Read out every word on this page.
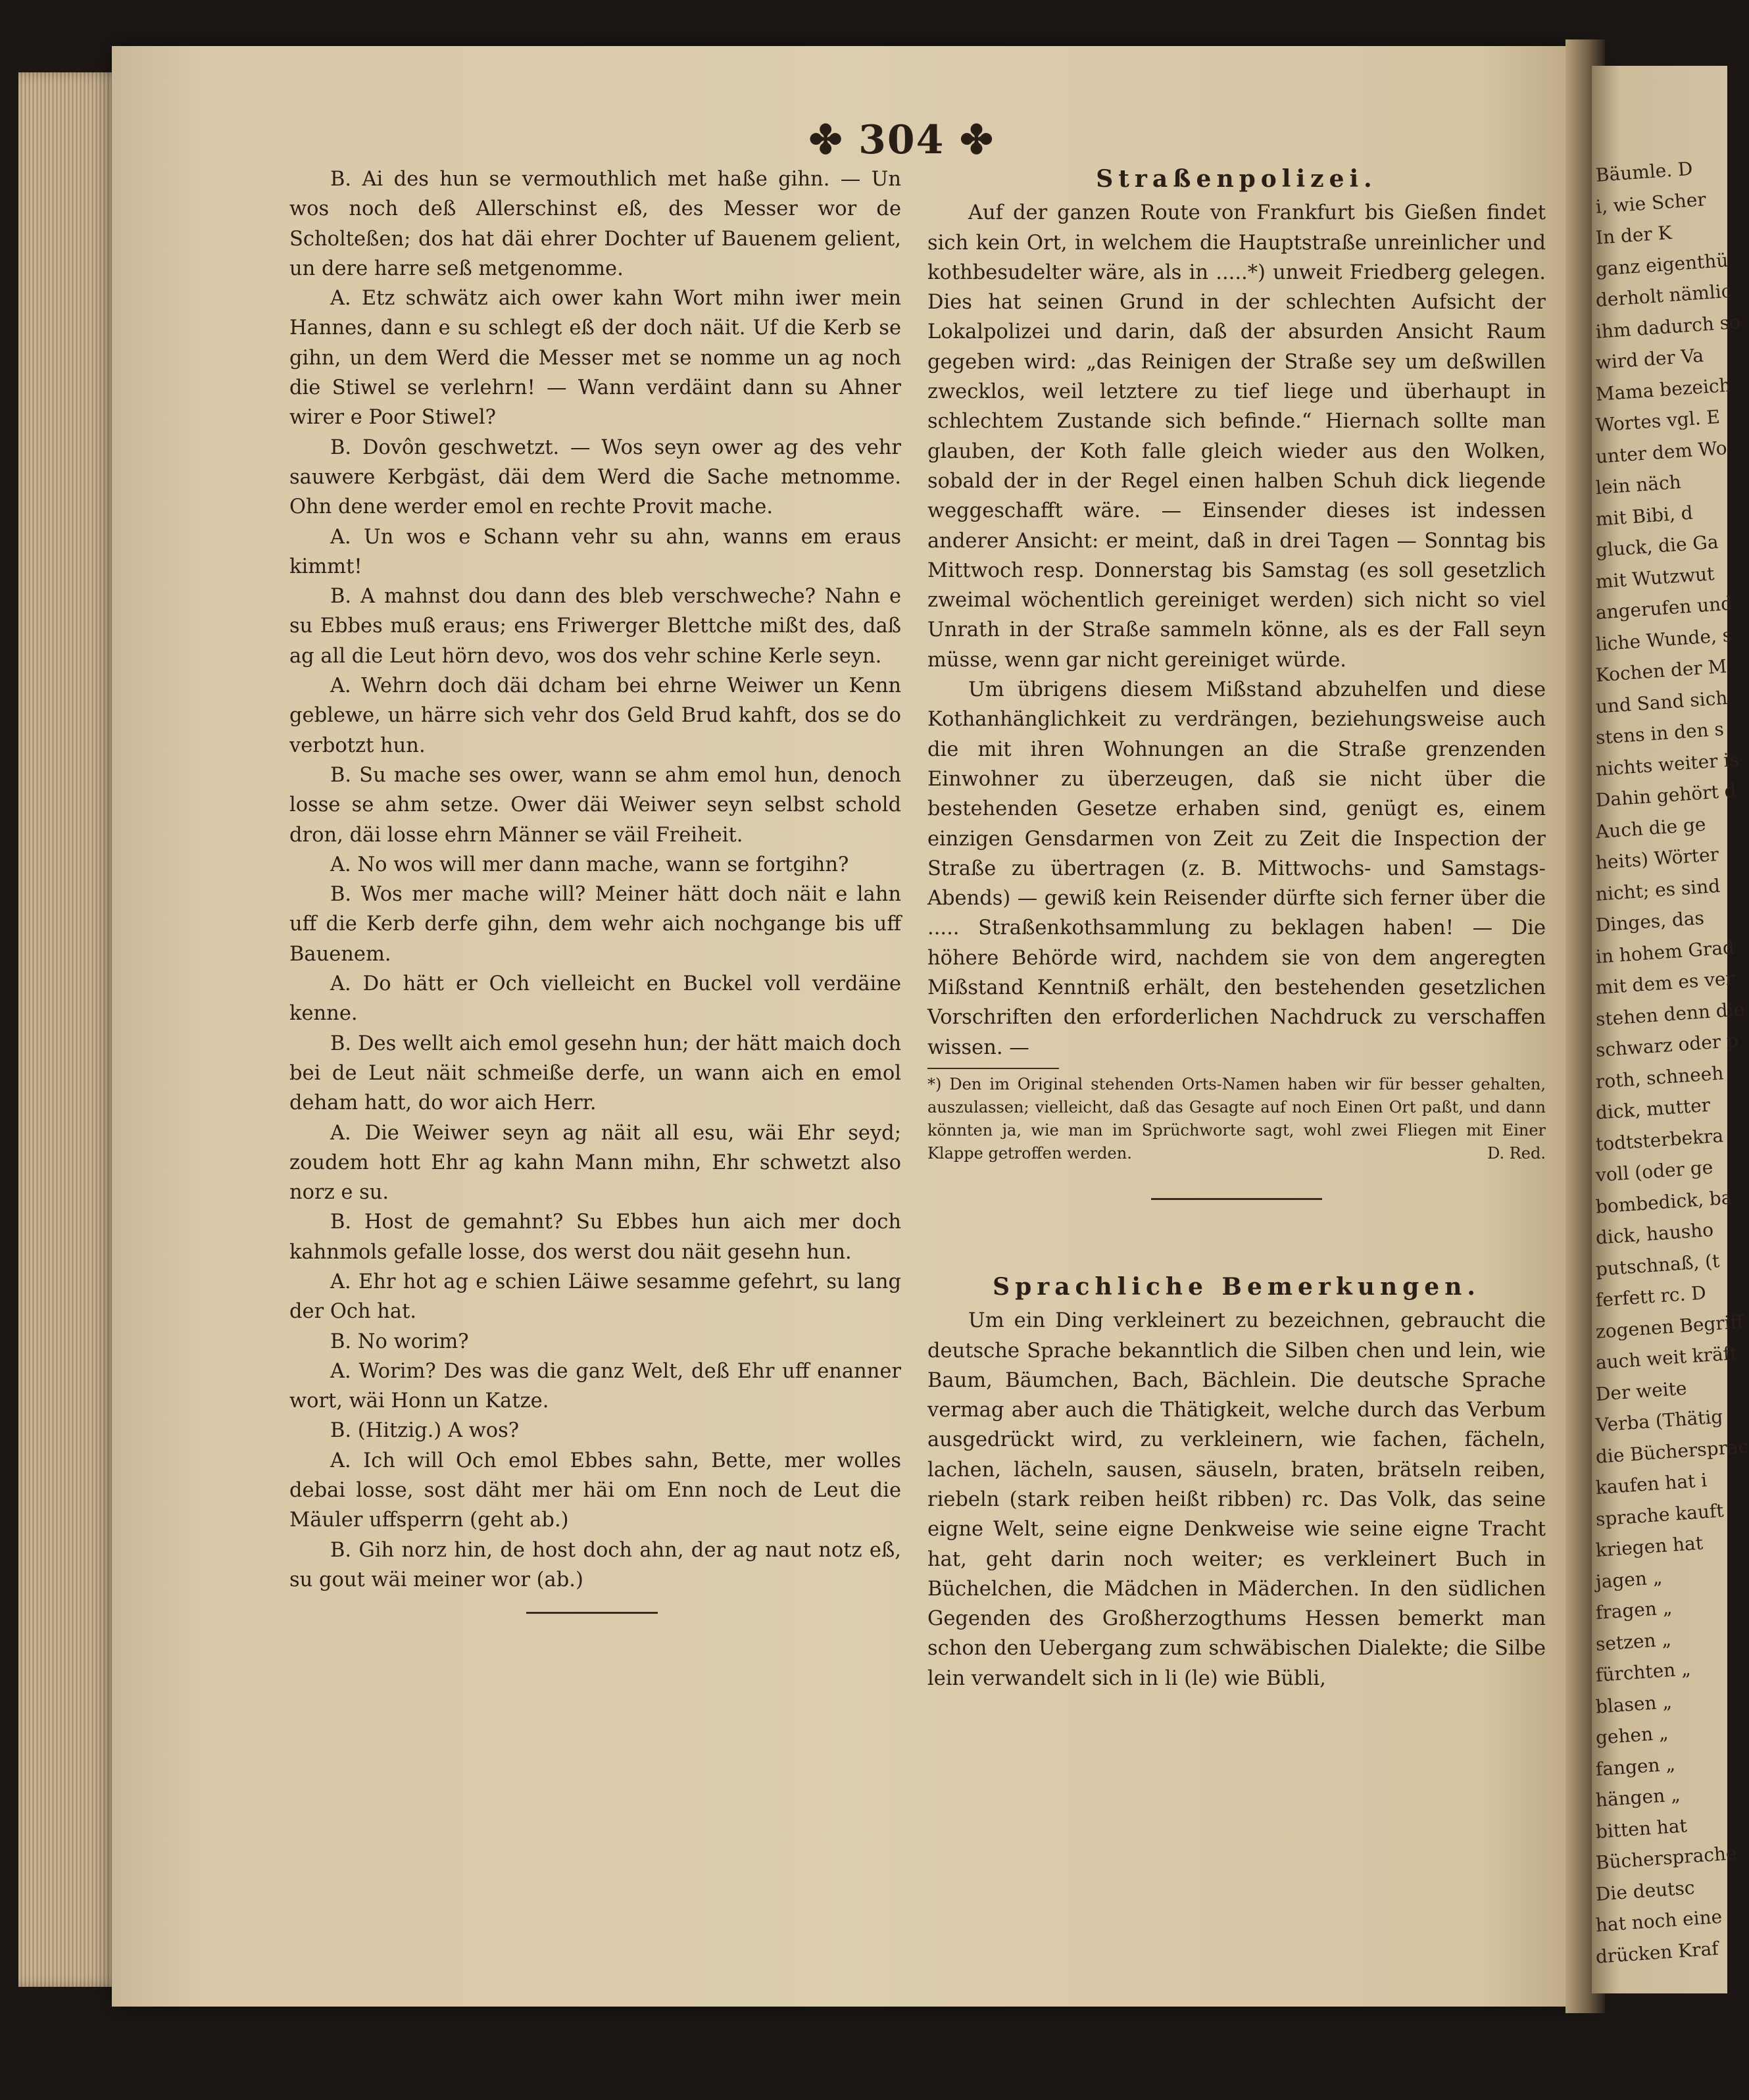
Bäumle. D
i, wie Scher
In der K
ganz eigenthü
derholt nämlic
ihm dadurch so
wird der Va
Mama bezeich
Wortes vgl. E
unter dem Wo
lein näch
mit Bibi, d
gluck, die Ga
mit Wutzwut
angerufen und
liche Wunde, s
Kochen der M
und Sand sich
stens in den s
nichts weiter is
Dahin gehört d
Auch die ge
heits) Wörter
nicht; es sind
Dinges, das
in hohem Grad
mit dem es ver
stehen denn die
schwarz oder p
roth, schneeh
dick, mutter
todtsterbekra
voll (oder ge
bombedick, ba
dick, hausho
putschnaß, (t
ferfett rc. D
zogenen Begriff
auch weit kräft
Der weite
Verba (Thätig
die Büchersprac
kaufen hat i
sprache kauft
kriegen hat
jagen „
fragen „
setzen „
fürchten „
blasen „
gehen „
fangen „
hängen „
bitten hat
Büchersprache
Die deutsc
hat noch eine
drücken Kraf
✤ 304 ✤

B. Ai des hun se vermouthlich met haße gihn. — Un wos noch deß Allerschinst eß, des Messer wor de Scholteßen; dos hat däi ehrer Dochter uf Bauenem gelient, un dere harre seß metgenomme.

A. Etz schwätz aich ower kahn Wort mihn iwer mein Hannes, dann e su schlegt eß der doch näit. Uf die Kerb se gihn, un dem Werd die Messer met se nomme un ag noch die Stiwel se verlehrn! — Wann verdäint dann su Ahner wirer e Poor Stiwel?

B. Dovôn geschwetzt. — Wos seyn ower ag des vehr sauwere Kerbgäst, däi dem Werd die Sache metnomme. Ohn dene werder emol en rechte Provit mache.

A. Un wos e Schann vehr su ahn, wanns em eraus kimmt!

B. A mahnst dou dann des bleb verschweche? Nahn e su Ebbes muß eraus; ens Friwerger Blettche mißt des, daß ag all die Leut hörn devo, wos dos vehr schine Kerle seyn.

A. Wehrn doch däi dcham bei ehrne Weiwer un Kenn geblewe, un härre sich vehr dos Geld Brud kahft, dos se do verbotzt hun.

B. Su mache ses ower, wann se ahm emol hun, denoch losse se ahm setze. Ower däi Weiwer seyn selbst schold dron, däi losse ehrn Männer se väil Freiheit.

A. No wos will mer dann mache, wann se fortgihn?

B. Wos mer mache will? Meiner hätt doch näit e lahn uff die Kerb derfe gihn, dem wehr aich nochgange bis uff Bauenem.

A. Do hätt er Och vielleicht en Buckel voll verdäine kenne.

B. Des wellt aich emol gesehn hun; der hätt maich doch bei de Leut näit schmeiße derfe, un wann aich en emol deham hatt, do wor aich Herr.

A. Die Weiwer seyn ag näit all esu, wäi Ehr seyd; zoudem hott Ehr ag kahn Mann mihn, Ehr schwetzt also norz e su.

B. Host de gemahnt? Su Ebbes hun aich mer doch kahnmols gefalle losse, dos werst dou näit gesehn hun.

A. Ehr hot ag e schien Läiwe sesamme gefehrt, su lang der Och hat.

B. No worim?

A. Worim? Des was die ganz Welt, deß Ehr uff enanner wort, wäi Honn un Katze.

B. (Hitzig.) A wos?

A. Ich will Och emol Ebbes sahn, Bette, mer wolles debai losse, sost däht mer häi om Enn noch de Leut die Mäuler uffsperrn (geht ab.)

B. Gih norz hin, de host doch ahn, der ag naut notz eß, su gout wäi meiner wor (ab.)

Straßenpolizei.

Auf der ganzen Route von Frankfurt bis Gießen findet sich kein Ort, in welchem die Hauptstraße unreinlicher und kothbesudelter wäre, als in .....*) unweit Friedberg gelegen. Dies hat seinen Grund in der schlechten Aufsicht der Lokalpolizei und darin, daß der absurden Ansicht Raum gegeben wird: „das Reinigen der Straße sey um deßwillen zwecklos, weil letztere zu tief liege und überhaupt in schlechtem Zustande sich befinde.“ Hiernach sollte man glauben, der Koth falle gleich wieder aus den Wolken, sobald der in der Regel einen halben Schuh dick liegende weggeschafft wäre. — Einsender dieses ist indessen anderer Ansicht: er meint, daß in drei Tagen — Sonntag bis Mittwoch resp. Donnerstag bis Samstag (es soll gesetzlich zweimal wöchentlich gereiniget werden) sich nicht so viel Unrath in der Straße sammeln könne, als es der Fall seyn müsse, wenn gar nicht gereiniget würde.

Um übrigens diesem Mißstand abzuhelfen und diese Kothanhänglichkeit zu verdrängen, beziehungsweise auch die mit ihren Wohnungen an die Straße grenzenden Einwohner zu überzeugen, daß sie nicht über die bestehenden Gesetze erhaben sind, genügt es, einem einzigen Gensdarmen von Zeit zu Zeit die Inspection der Straße zu übertragen (z. B. Mittwochs- und Samstags-Abends) — gewiß kein Reisender dürfte sich ferner über die ..... Straßenkothsammlung zu beklagen haben! — Die höhere Behörde wird, nachdem sie von dem angeregten Mißstand Kenntniß erhält, den bestehenden gesetzlichen Vorschriften den erforderlichen Nachdruck zu verschaffen wissen. —

*) Den im Original stehenden Orts-Namen haben wir für besser gehalten, auszulassen; vielleicht, daß das Gesagte auf noch Einen Ort paßt, und dann könnten ja, wie man im Sprüchworte sagt, wohl zwei Fliegen mit Einer Klappe getroffen werden.	D. Red.

Sprachliche Bemerkungen.

Um ein Ding verkleinert zu bezeichnen, gebraucht die deutsche Sprache bekanntlich die Silben chen und lein, wie Baum, Bäumchen, Bach, Bächlein. Die deutsche Sprache vermag aber auch die Thätigkeit, welche durch das Verbum ausgedrückt wird, zu verkleinern, wie fachen, fächeln, lachen, lächeln, sausen, säuseln, braten, brätseln reiben, riebeln (stark reiben heißt ribben) rc. Das Volk, das seine eigne Welt, seine eigne Denkweise wie seine eigne Tracht hat, geht darin noch weiter; es verkleinert Buch in Büchelchen, die Mädchen in Mäderchen. In den südlichen Gegenden des Großherzogthums Hessen bemerkt man schon den Uebergang zum schwäbischen Dialekte; die Silbe lein verwandelt sich in li (le) wie Bübli,
